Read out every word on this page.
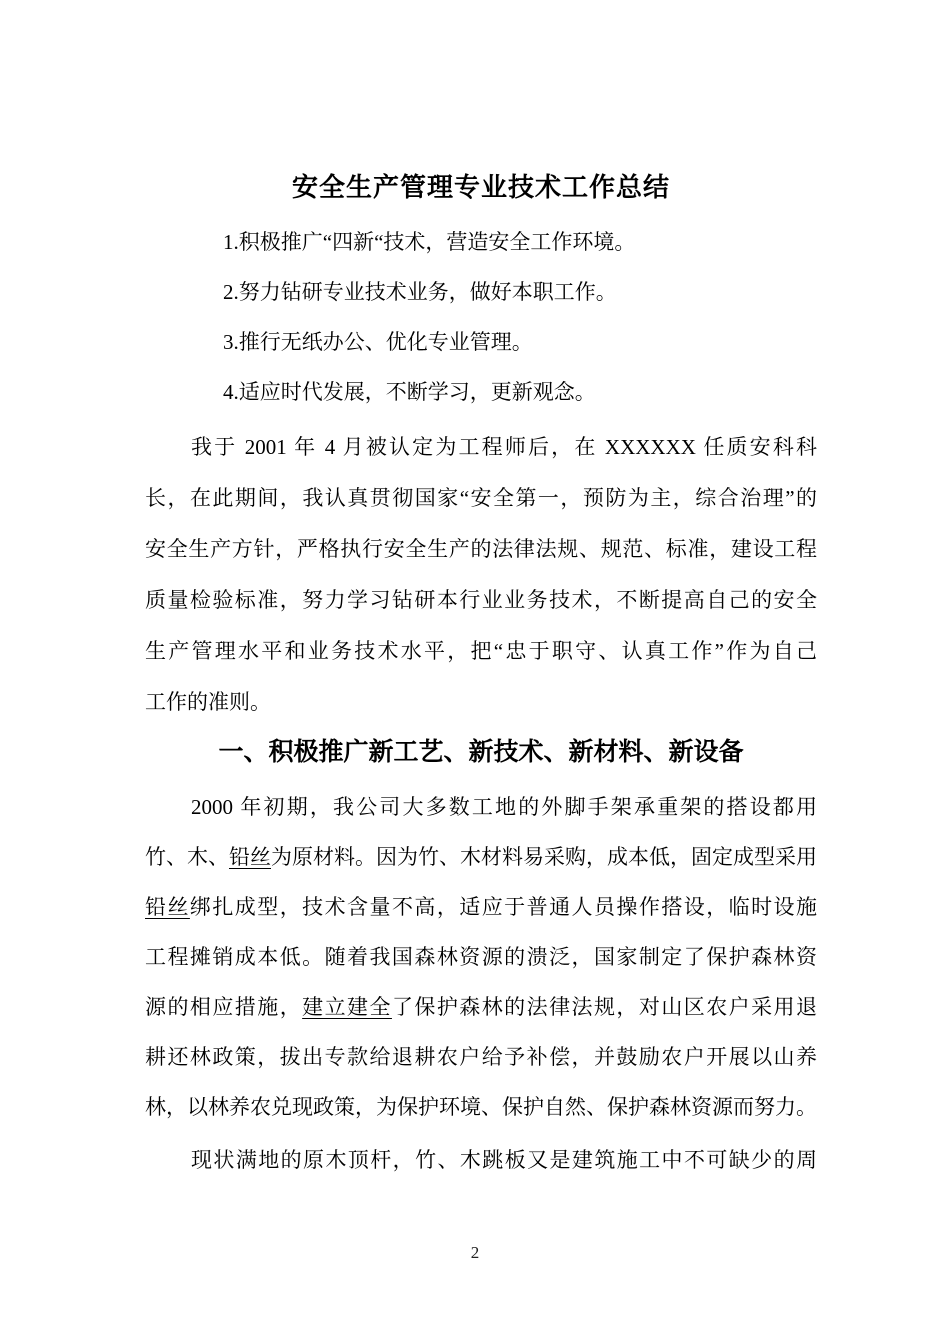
安全生产管理专业技术工作总结
1.积极推广“四新“技术，营造安全工作环境。
2.努力钻研专业技术业务，做好本职工作。
3.推行无纸办公、优化专业管理。
4.适应时代发展，不断学习，更新观念。
我于 2001 年 4 月被认定为工程师后，在 XXXXXX 任质安科科
长，在此期间，我认真贯彻国家“安全第一，预防为主，综合治理”的
安全生产方针，严格执行安全生产的法律法规、规范、标准，建设工程
质量检验标准，努力学习钻研本行业业务技术，不断提高自己的安全
生产管理水平和业务技术水平，把“忠于职守、认真工作”作为自己
工作的准则。
一、积极推广新工艺、新技术、新材料、新设备
2000 年初期，我公司大多数工地的外脚手架承重架的搭设都用
竹、木、铅丝为原材料。因为竹、木材料易采购，成本低，固定成型采用
铅丝绑扎成型，技术含量不高，适应于普通人员操作搭设，临时设施
工程摊销成本低。随着我国森林资源的溃泛，国家制定了保护森林资
源的相应措施，建立建全了保护森林的法律法规，对山区农户采用退
耕还林政策，拔出专款给退耕农户给予补偿，并鼓励农户开展以山养
林，以林养农兑现政策，为保护环境、保护自然、保护森林资源而努力。
现状满地的原木顶杆，竹、木跳板又是建筑施工中不可缺少的周
2
